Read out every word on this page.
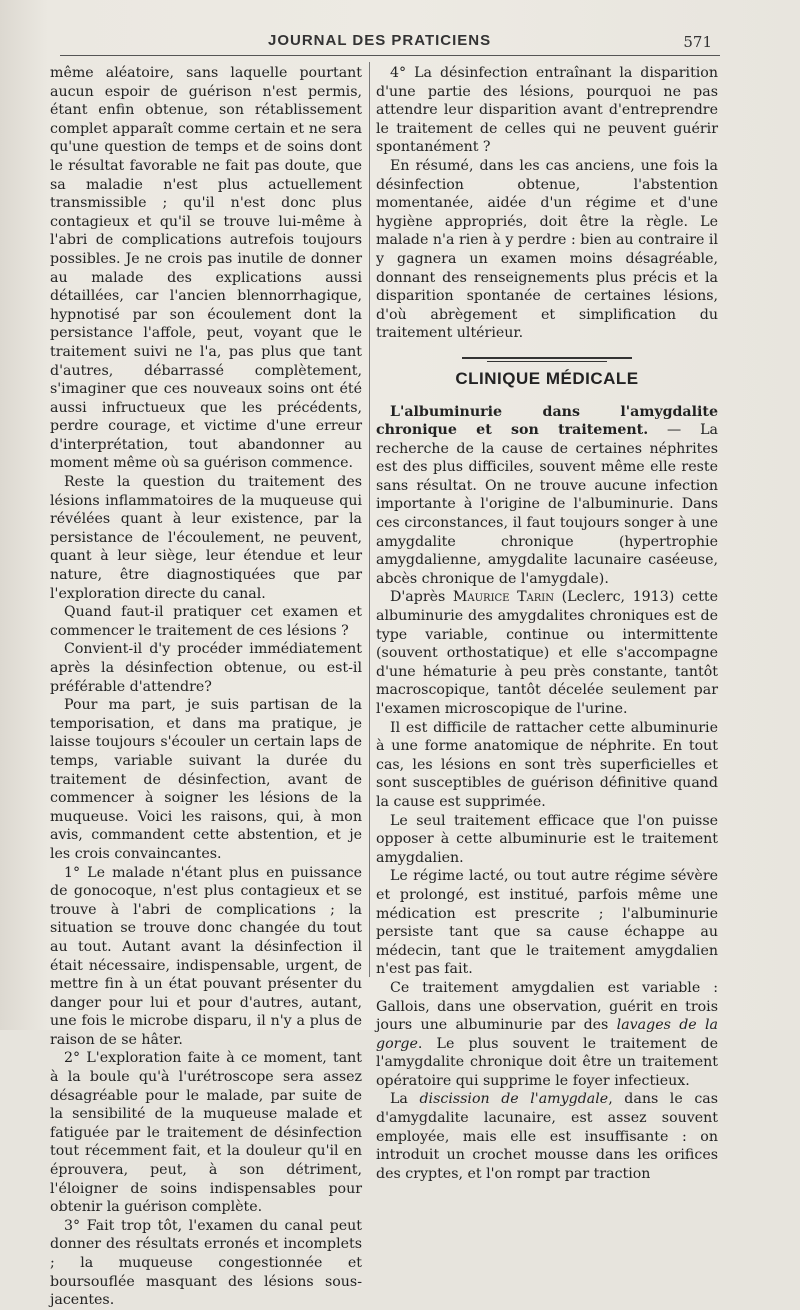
JOURNAL DES PRATICIENS	571

même aléatoire, sans laquelle pourtant aucun espoir de guérison n'est permis, étant enfin obtenue, son rétablissement complet apparaît comme certain et ne sera qu'une question de temps et de soins dont le résultat favorable ne fait pas doute, que sa maladie n'est plus actuellement transmissible ; qu'il n'est donc plus contagieux et qu'il se trouve lui-même à l'abri de complications autrefois toujours possibles. Je ne crois pas inutile de donner au malade des explications aussi détaillées, car l'ancien blennorrhagique, hypnotisé par son écoulement dont la persistance l'affole, peut, voyant que le traitement suivi ne l'a, pas plus que tant d'autres, débarrassé complètement, s'imaginer que ces nouveaux soins ont été aussi infructueux que les précédents, perdre courage, et victime d'une erreur d'interprétation, tout abandonner au moment même où sa guérison commence.

Reste la question du traitement des lésions inflammatoires de la muqueuse qui révélées quant à leur existence, par la persistance de l'écoulement, ne peuvent, quant à leur siège, leur étendue et leur nature, être diagnostiquées que par l'exploration directe du canal.

Quand faut-il pratiquer cet examen et commencer le traitement de ces lésions ?

Convient-il d'y procéder immédiatement après la désinfection obtenue, ou est-il préférable d'attendre?

Pour ma part, je suis partisan de la temporisation, et dans ma pratique, je laisse toujours s'écouler un certain laps de temps, variable suivant la durée du traitement de désinfection, avant de commencer à soigner les lésions de la muqueuse. Voici les raisons, qui, à mon avis, commandent cette abstention, et je les crois convaincantes.

1° Le malade n'étant plus en puissance de gonocoque, n'est plus contagieux et se trouve à l'abri de complications ; la situation se trouve donc changée du tout au tout. Autant avant la désinfection il était nécessaire, indispensable, urgent, de mettre fin à un état pouvant présenter du danger pour lui et pour d'autres, autant, une fois le microbe disparu, il n'y a plus de raison de se hâter.

2° L'exploration faite à ce moment, tant à la boule qu'à l'urétroscope sera assez désagréable pour le malade, par suite de la sensibilité de la muqueuse malade et fatiguée par le traitement de désinfection tout récemment fait, et la douleur qu'il en éprouvera, peut, à son détriment, l'éloigner de soins indispensables pour obtenir la guérison complète.

3° Fait trop tôt, l'examen du canal peut donner des résultats erronés et incomplets ; la muqueuse congestionnée et boursouflée masquant des lésions sous-jacentes.

4° La désinfection entraînant la disparition d'une partie des lésions, pourquoi ne pas attendre leur disparition avant d'entreprendre le traitement de celles qui ne peuvent guérir spontanément ?

En résumé, dans les cas anciens, une fois la désinfection obtenue, l'abstention momentanée, aidée d'un régime et d'une hygiène appropriés, doit être la règle. Le malade n'a rien à y perdre : bien au contraire il y gagnera un examen moins désagréable, donnant des renseignements plus précis et la disparition spontanée de certaines lésions, d'où abrègement et simplification du traitement ultérieur.

CLINIQUE MÉDICALE

L'albuminurie dans l'amygdalite chronique et son traitement. — La recherche de la cause de certaines néphrites est des plus difficiles, souvent même elle reste sans résultat. On ne trouve aucune infection importante à l'origine de l'albuminurie. Dans ces circonstances, il faut toujours songer à une amygdalite chronique (hypertrophie amygdalienne, amygdalite lacunaire caséeuse, abcès chronique de l'amygdale).

D'après Maurice Tarin (Leclerc, 1913) cette albuminurie des amygdalites chroniques est de type variable, continue ou intermittente (souvent orthostatique) et elle s'accompagne d'une hématurie à peu près constante, tantôt macroscopique, tantôt décelée seulement par l'examen microscopique de l'urine.

Il est difficile de rattacher cette albuminurie à une forme anatomique de néphrite. En tout cas, les lésions en sont très superficielles et sont susceptibles de guérison définitive quand la cause est supprimée.

Le seul traitement efficace que l'on puisse opposer à cette albuminurie est le traitement amygdalien.

Le régime lacté, ou tout autre régime sévère et prolongé, est institué, parfois même une médication est prescrite ; l'albuminurie persiste tant que sa cause échappe au médecin, tant que le traitement amygdalien n'est pas fait.

Ce traitement amygdalien est variable : Gallois, dans une observation, guérit en trois jours une albuminurie par des lavages de la gorge. Le plus souvent le traitement de l'amygdalite chronique doit être un traitement opératoire qui supprime le foyer infectieux.

La discission de l'amygdale, dans le cas d'amygdalite lacunaire, est assez souvent employée, mais elle est insuffisante : on introduit un crochet mousse dans les orifices des cryptes, et l'on rompt par traction
